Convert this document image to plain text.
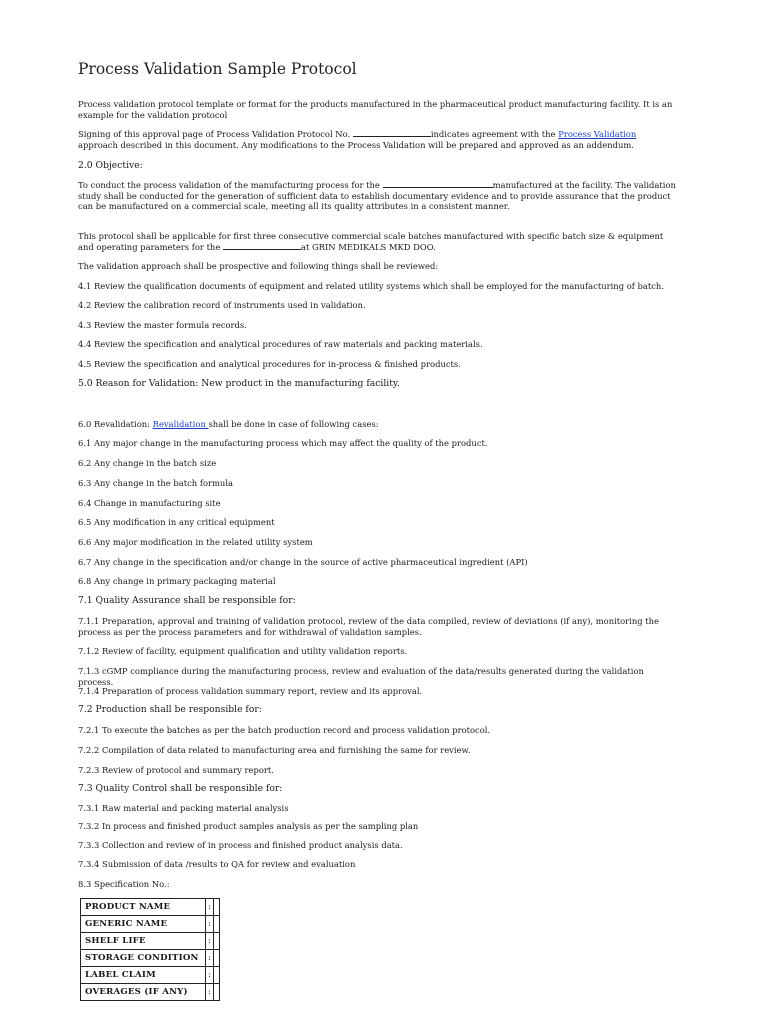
Process Validation Sample Protocol
Process validation protocol template or format for the products manufactured in the pharmaceutical product manufacturing facility. It is an example for the validation protocol
Signing of this approval page of Process Validation Protocol No.	indicates agreement with the Process Validation approach described in this document. Any modifications to the Process Validation will be prepared and approved as an addendum.
2.0 Objective:
To conduct the process validation of the manufacturing process for the	manufactured at the facility. The validation study shall be conducted for the generation of sufficient data to establish documentary evidence and to provide assurance that the product can be manufactured on a commercial scale, meeting all its quality attributes in a consistent manner.
This protocol shall be applicable for first three consecutive commercial scale batches manufactured with specific batch size & equipment and operating parameters for the	at GRIN MEDIKALS MKD DOO.
The validation approach shall be prospective and following things shall be reviewed:
4.1 Review the qualification documents of equipment and related utility systems which shall be employed for the manufacturing of batch.
4.2 Review the calibration record of instruments used in validation.
4.3 Review the master formula records.
4.4 Review the specification and analytical procedures of raw materials and packing materials.
4.5 Review the specification and analytical procedures for in-process & finished products.
5.0 Reason for Validation: New product in the manufacturing facility.
6.0 Revalidation: Revalidation shall be done in case of following cases:
6.1 Any major change in the manufacturing process which may affect the quality of the product.
6.2 Any change in the batch size
6.3 Any change in the batch formula
6.4 Change in manufacturing site
6.5 Any modification in any critical equipment
6.6 Any major modification in the related utility system
6.7 Any change in the specification and/or change in the source of active pharmaceutical ingredient (API)
6.8 Any change in primary packaging material
7.1 Quality Assurance shall be responsible for:
7.1.1 Preparation, approval and training of validation protocol, review of the data compiled, review of deviations (if any), monitoring the process as per the process parameters and for withdrawal of validation samples.
7.1.2 Review of facility, equipment qualification and utility validation reports.
7.1.3 cGMP compliance during the manufacturing process, review and evaluation of the data/results generated during the validation process.
7.1.4 Preparation of process validation summary report, review and its approval.
7.2 Production shall be responsible for:
7.2.1 To execute the batches as per the batch production record and process validation protocol.
7.2.2 Compilation of data related to manufacturing area and furnishing the same for review.
7.2.3 Review of protocol and summary report.
7.3 Quality Control shall be responsible for:
7.3.1 Raw material and packing material analysis
7.3.2 In process and finished product samples analysis as per the sampling plan
7.3.3 Collection and review of in process and finished product analysis data.
7.3.4 Submission of data /results to QA for review and evaluation
8.3 Specification No.:
PRODUCT NAME	:	
GENERIC NAME	:	
SHELF LIFE	:	
STORAGE CONDITION	:	
LABEL CLAIM	:	
OVERAGES (IF ANY)	:	
